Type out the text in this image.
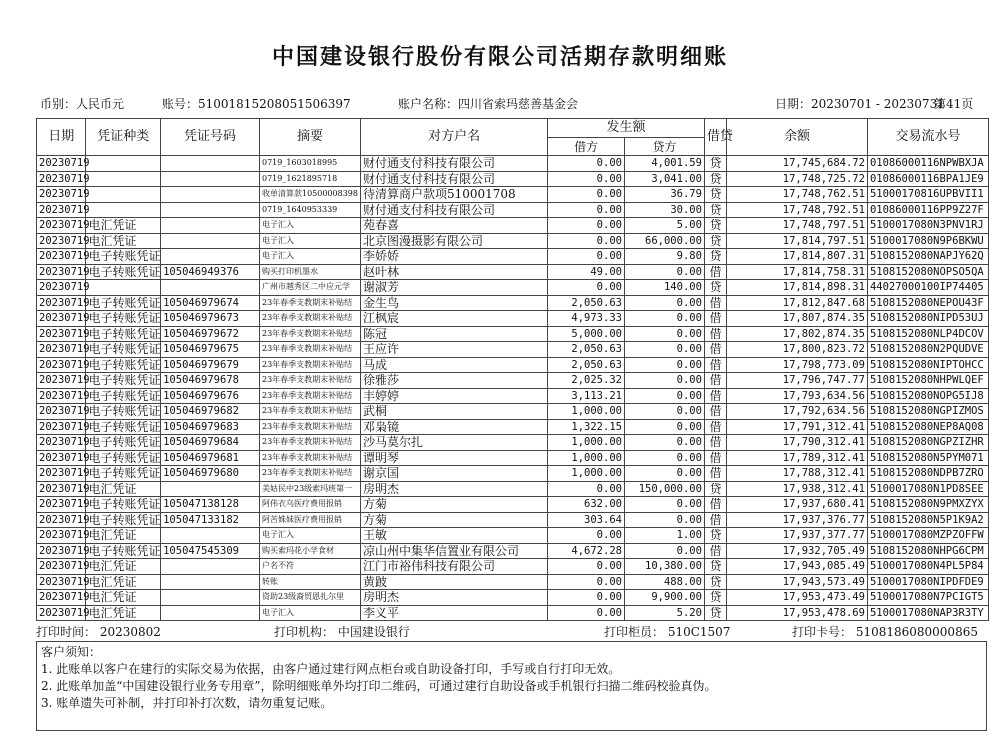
中国建设银行股份有限公司活期存款明细账
币别：人民币元	账号：51001815208051506397	账户名称：四川省索玛慈善基金会	日期：20230701 - 20230731
第41页
日期	凭证种类	凭证号码	摘要	对方户名	发生额		借贷	余额	交易流水号
					借方	贷方			
20230719			0719_1603018995	财付通支付科技有限公司	0.00	4,001.59	贷	17,745,684.72	01086000116NPWBXJA
20230719			0719_1621895718	财付通支付科技有限公司	0.00	3,041.00	贷	17,748,725.72	01086000116BPA1JE9
20230719			收单清算款10500008398	待清算商户款项510001708	0.00	36.79	贷	17,748,762.51	51000170816UPBVII1
20230719			0719_1640953339	财付通支付科技有限公司	0.00	30.00	贷	17,748,792.51	01086000116PP9Z27F
20230719	电汇凭证		电子汇入	苑春喜	0.00	5.00	贷	17,748,797.51	5100017080N3PNV1RJ
20230719	电汇凭证		电子汇入	北京图漫摄影有限公司	0.00	66,000.00	贷	17,814,797.51	5100017080N9P6BKWU
20230719	电子转账凭证		电子汇入	李娇娇	0.00	9.80	贷	17,814,807.31	5108152080NAPJY62Q
20230719	电子转账凭证	105046949376	购买打印机墨水	赵叶林	49.00	0.00	借	17,814,758.31	5108152080NOPSO5QA
20230719			广州市越秀区二中应元学	谢淑芳	0.00	140.00	贷	17,814,898.31	44027000100IP74405
20230719	电子转账凭证	105046979674	23年春季支教期末补贴结	金生鸟	2,050.63	0.00	借	17,812,847.68	5108152080NEPOU43F
20230719	电子转账凭证	105046979673	23年春季支教期末补贴结	江枫宸	4,973.33	0.00	借	17,807,874.35	5108152080NIPD53UJ
20230719	电子转账凭证	105046979672	23年春季支教期末补贴结	陈冠	5,000.00	0.00	借	17,802,874.35	5108152080NLP4DCOV
20230719	电子转账凭证	105046979675	23年春季支教期末补贴结	王应许	2,050.63	0.00	借	17,800,823.72	5108152080N2PQUDVE
20230719	电子转账凭证	105046979679	23年春季支教期末补贴结	马成	2,050.63	0.00	借	17,798,773.09	5108152080NIPTOHCC
20230719	电子转账凭证	105046979678	23年春季支教期末补贴结	徐雅莎	2,025.32	0.00	借	17,796,747.77	5108152080NHPWLQEF
20230719	电子转账凭证	105046979676	23年春季支教期末补贴结	丰婷婷	3,113.21	0.00	借	17,793,634.56	5108152080NOPG5IJ8
20230719	电子转账凭证	105046979682	23年春季支教期末补贴结	武桐	1,000.00	0.00	借	17,792,634.56	5108152080NGPIZMOS
20230719	电子转账凭证	105046979683	23年春季支教期末补贴结	邓枭镜	1,322.15	0.00	借	17,791,312.41	5108152080NEP8AQ08
20230719	电子转账凭证	105046979684	23年春季支教期末补贴结	沙马莫尔扎	1,000.00	0.00	借	17,790,312.41	5108152080NGPZIZHR
20230719	电子转账凭证	105046979681	23年春季支教期末补贴结	谭明琴	1,000.00	0.00	借	17,789,312.41	5108152080N5PYM071
20230719	电子转账凭证	105046979680	23年春季支教期末补贴结	谢京国	1,000.00	0.00	借	17,788,312.41	5108152080NDPB7ZRO
20230719	电汇凭证		美姑民中23级索玛班第一	房明杰	0.00	150,000.00	贷	17,938,312.41	5100017080N1PD8SEE
20230719	电子转账凭证	105047138128	阿伟衣乌医疗费用报销	方菊	632.00	0.00	借	17,937,680.41	5108152080N9PMXZYX
20230719	电子转账凭证	105047133182	阿苦姝妹医疗费用报销	方菊	303.64	0.00	借	17,937,376.77	5108152080N5P1K9A2
20230719	电汇凭证		电子汇入	王敏	0.00	1.00	贷	17,937,377.77	5100017080MZPZOFFW
20230719	电子转账凭证	105047545309	购买索玛花小学食材	凉山州中集华信置业有限公司	4,672.28	0.00	借	17,932,705.49	5108152080NHPG6CPM
20230719	电汇凭证		户名不符	江门市裕伟科技有限公司	0.00	10,380.00	贷	17,943,085.49	5100017080N4PL5P84
20230719	电汇凭证		转账	黄跛	0.00	488.00	贷	17,943,573.49	5100017080NIPDFDE9
20230719	电汇凭证		资助23级裔贸恩扎尔里	房明杰	0.00	9,900.00	贷	17,953,473.49	5100017080N7PCIGT5
20230719	电汇凭证		电子汇入	李义平	0.00	5.20	贷	17,953,478.69	5100017080NAP3R3TY
打印时间： 20230802	打印机构： 中国建设银行	打印柜员： 510C1507	打印卡号： 5108186080000865
客户须知：
1. 此账单以客户在建行的实际交易为依据，由客户通过建行网点柜台或自助设备打印，手写或自行打印无效。
2. 此账单加盖“中国建设银行业务专用章”，除明细账单外均打印二维码，可通过建行自助设备或手机银行扫描二维码校验真伪。
3. 账单遗失可补制，并打印补打次数，请勿重复记账。
